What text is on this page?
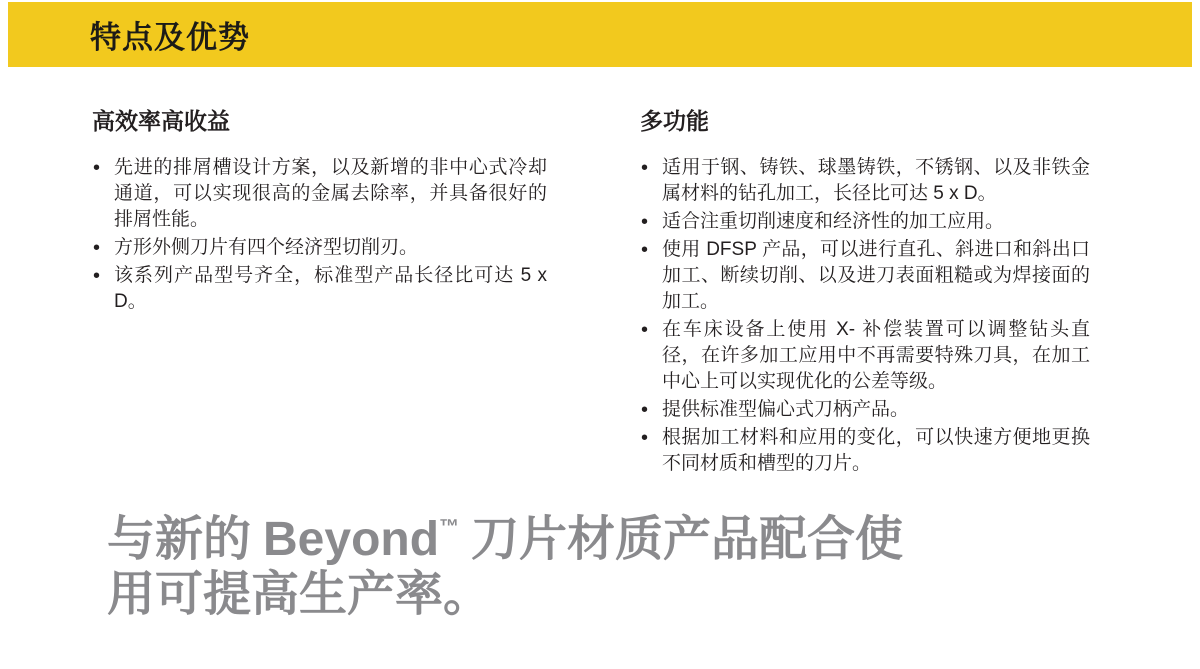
特点及优势
高效率高收益
• 先进的排屑槽设计方案，以及新增的非中心式冷却通道，可以实现很高的金属去除率，并具备很好的排屑性能。
• 方形外侧刀片有四个经济型切削刃。
• 该系列产品型号齐全，标准型产品长径比可达 5 x D。
多功能
• 适用于钢、铸铁、球墨铸铁，不锈钢、以及非铁金属材料的钻孔加工，长径比可达 5 x D。
• 适合注重切削速度和经济性的加工应用。
• 使用 DFSP 产品，可以进行直孔、斜进口和斜出口加工、断续切削、以及进刀表面粗糙或为焊接面的加工。
• 在车床设备上使用 X- 补偿装置可以调整钻头直径，在许多加工应用中不再需要特殊刀具，在加工中心上可以实现优化的公差等级。
• 提供标准型偏心式刀柄产品。
• 根据加工材料和应用的变化，可以快速方便地更换不同材质和槽型的刀片。
与新的 Beyond™ 刀片材质产品配合使
用可提高生产率。
